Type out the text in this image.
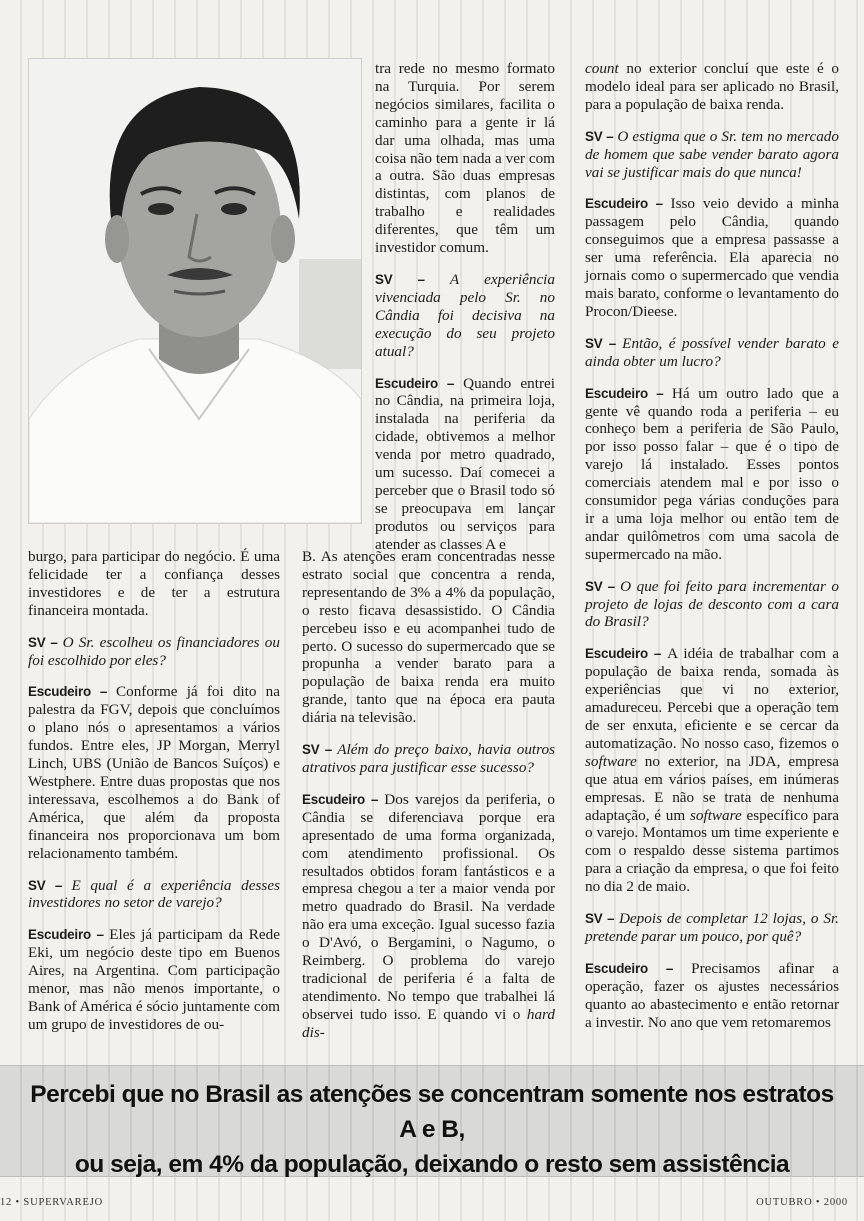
tra rede no mesmo formato na Turquia. Por serem negócios similares, facilita o caminho para a gente ir lá dar uma olhada, mas uma coisa não tem nada a ver com a outra. São duas empresas distintas, com planos de trabalho e realidades diferentes, que têm um investidor comum.

SV – A experiência vivenciada pelo Sr. no Cândia foi decisiva na execução do seu projeto atual?

Escudeiro – Quando entrei no Cândia, na primeira loja, instalada na periferia da cidade, obtivemos a melhor venda por metro quadrado, um sucesso. Daí comecei a perceber que o Brasil todo só se preocupava em lançar produtos ou serviços para atender as classes A e

count no exterior concluí que este é o modelo ideal para ser aplicado no Brasil, para a população de baixa renda.

SV – O estigma que o Sr. tem no mercado de homem que sabe vender barato agora vai se justificar mais do que nunca!

Escudeiro – Isso veio devido a minha passagem pelo Cândia, quando conseguimos que a empresa passasse a ser uma referência. Ela aparecia no jornais como o supermercado que vendia mais barato, conforme o levantamento do Procon/Dieese.

SV – Então, é possível vender barato e ainda obter um lucro?

Escudeiro – Há um outro lado que a gente vê quando roda a periferia – eu conheço bem a periferia de São Paulo, por isso posso falar – que é o tipo de varejo lá instalado. Esses pontos comerciais atendem mal e por isso o consumidor pega várias conduções para ir a uma loja melhor ou então tem de andar quilômetros com uma sacola de supermercado na mão.

SV – O que foi feito para incrementar o projeto de lojas de desconto com a cara do Brasil?

Escudeiro – A idéia de trabalhar com a população de baixa renda, somada às experiências que vi no exterior, amadureceu. Percebi que a operação tem de ser enxuta, eficiente e se cercar da automatização. No nosso caso, fizemos o software no exterior, na JDA, empresa que atua em vários países, em inúmeras empresas. E não se trata de nenhuma adaptação, é um software específico para o varejo. Montamos um time experiente e com o respaldo desse sistema partimos para a criação da empresa, o que foi feito no dia 2 de maio.

SV – Depois de completar 12 lojas, o Sr. pretende parar um pouco, por quê?

Escudeiro – Precisamos afinar a operação, fazer os ajustes necessários quanto ao abastecimento e então retornar a investir. No ano que vem retomaremos

burgo, para participar do negócio. É uma felicidade ter a confiança desses investidores e de ter a estrutura financeira montada.

SV – O Sr. escolheu os financiadores ou foi escolhido por eles?

Escudeiro – Conforme já foi dito na palestra da FGV, depois que concluímos o plano nós o apresentamos a vários fundos. Entre eles, JP Morgan, Merryl Linch, UBS (União de Bancos Suíços) e Westphere. Entre duas propostas que nos interessava, escolhemos a do Bank of América, que além da proposta financeira nos proporcionava um bom relacionamento também.

SV – E qual é a experiência desses investidores no setor de varejo?

Escudeiro – Eles já participam da Rede Eki, um negócio deste tipo em Buenos Aires, na Argentina. Com participação menor, mas não menos importante, o Bank of América é sócio juntamente com um grupo de investidores de ou-

B. As atenções eram concentradas nesse estrato social que concentra a renda, representando de 3% a 4% da população, o resto ficava desassistido. O Cândia percebeu isso e eu acompanhei tudo de perto. O sucesso do supermercado que se propunha a vender barato para a população de baixa renda era muito grande, tanto que na época era pauta diária na televisão.

SV – Além do preço baixo, havia outros atrativos para justificar esse sucesso?

Escudeiro – Dos varejos da periferia, o Cândia se diferenciava porque era apresentado de uma forma organizada, com atendimento profissional. Os resultados obtidos foram fantásticos e a empresa chegou a ter a maior venda por metro quadrado do Brasil. Na verdade não era uma exceção. Igual sucesso fazia o D'Avó, o Bergamini, o Nagumo, o Reimberg. O problema do varejo tradicional de periferia é a falta de atendimento. No tempo que trabalhei lá observei tudo isso. E quando vi o hard dis-

Percebi que no Brasil as atenções se concentram somente nos estratos A e B,
ou seja, em 4% da população, deixando o resto sem assistência
12 • SUPERVAREJO	OUTUBRO • 2000
